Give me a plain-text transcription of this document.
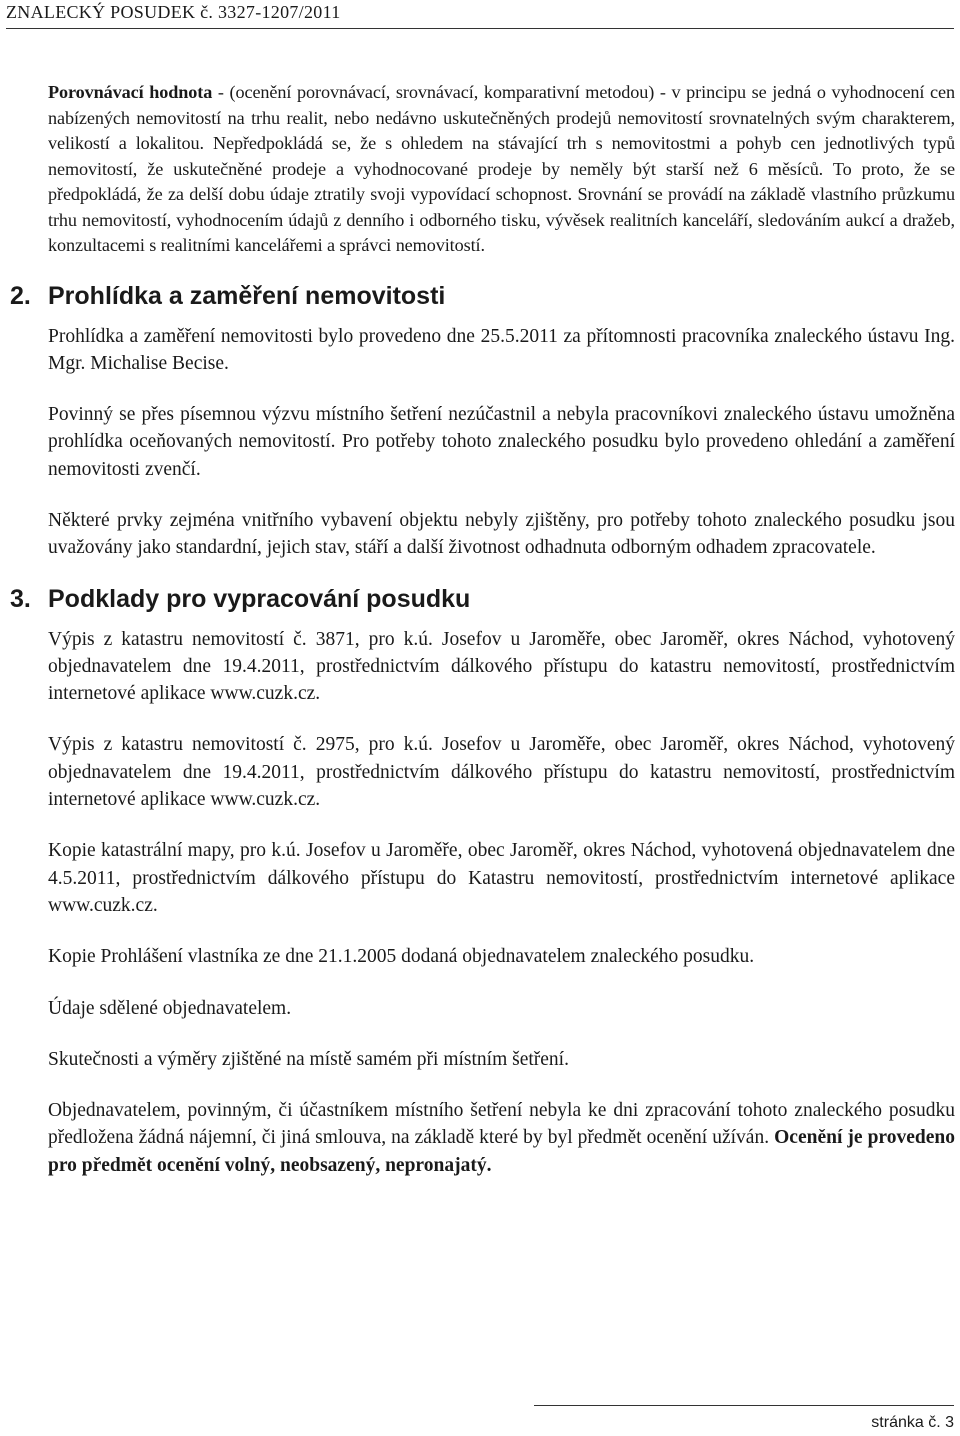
ZNALECKÝ POSUDEK č. 3327-1207/2011

Porovnávací hodnota - (ocenění porovnávací, srovnávací, komparativní metodou) - v principu se jedná o vyhodnocení cen nabízených nemovitostí na trhu realit, nebo nedávno uskutečněných prodejů nemovitostí srovnatelných svým charakterem, velikostí a lokalitou. Nepředpokládá se, že s ohledem na stávající trh s nemovitostmi a pohyb cen jednotlivých typů nemovitostí, že uskutečněné prodeje a vyhodnocované prodeje by neměly být starší než 6 měsíců. To proto, že se předpokládá, že za delší dobu údaje ztratily svoji vypovídací schopnost. Srovnání se provádí na základě vlastního průzkumu trhu nemovitostí, vyhodnocením údajů z denního i odborného tisku, vývěsek realitních kanceláří, sledováním aukcí a dražeb, konzultacemi s realitními kancelářemi a správci nemovitostí.

2. Prohlídka a zaměření nemovitosti

Prohlídka a zaměření nemovitosti bylo provedeno dne 25.5.2011 za přítomnosti pracovníka znaleckého ústavu Ing. Mgr. Michalise Becise.

Povinný se přes písemnou výzvu místního šetření nezúčastnil a nebyla pracovníkovi znaleckého ústavu umožněna prohlídka oceňovaných nemovitostí. Pro potřeby tohoto znaleckého posudku bylo provedeno ohledání a zaměření nemovitosti zvenčí.

Některé prvky zejména vnitřního vybavení objektu nebyly zjištěny, pro potřeby tohoto znaleckého posudku jsou uvažovány jako standardní, jejich stav, stáří a další životnost odhadnuta odborným odhadem zpracovatele.

3. Podklady pro vypracování posudku

Výpis z katastru nemovitostí č. 3871, pro k.ú. Josefov u Jaroměře, obec Jaroměř, okres Náchod, vyhotovený objednavatelem dne 19.4.2011, prostřednictvím dálkového přístupu do katastru nemovitostí, prostřednictvím internetové aplikace www.cuzk.cz.

Výpis z katastru nemovitostí č. 2975, pro k.ú. Josefov u Jaroměře, obec Jaroměř, okres Náchod, vyhotovený objednavatelem dne 19.4.2011, prostřednictvím dálkového přístupu do katastru nemovitostí, prostřednictvím internetové aplikace www.cuzk.cz.

Kopie katastrální mapy, pro k.ú. Josefov u Jaroměře, obec Jaroměř, okres Náchod, vyhotovená objednavatelem dne 4.5.2011, prostřednictvím dálkového přístupu do Katastru nemovitostí, prostřednictvím internetové aplikace www.cuzk.cz.

Kopie Prohlášení vlastníka ze dne 21.1.2005 dodaná objednavatelem znaleckého posudku.

Údaje sdělené objednavatelem.

Skutečnosti a výměry zjištěné na místě samém při místním šetření.

Objednavatelem, povinným, či účastníkem místního šetření nebyla ke dni zpracování tohoto znaleckého posudku předložena žádná nájemní, či jiná smlouva, na základě které by byl předmět ocenění užíván. Ocenění je provedeno pro předmět ocenění volný, neobsazený, nepronajatý.

stránka č. 3
